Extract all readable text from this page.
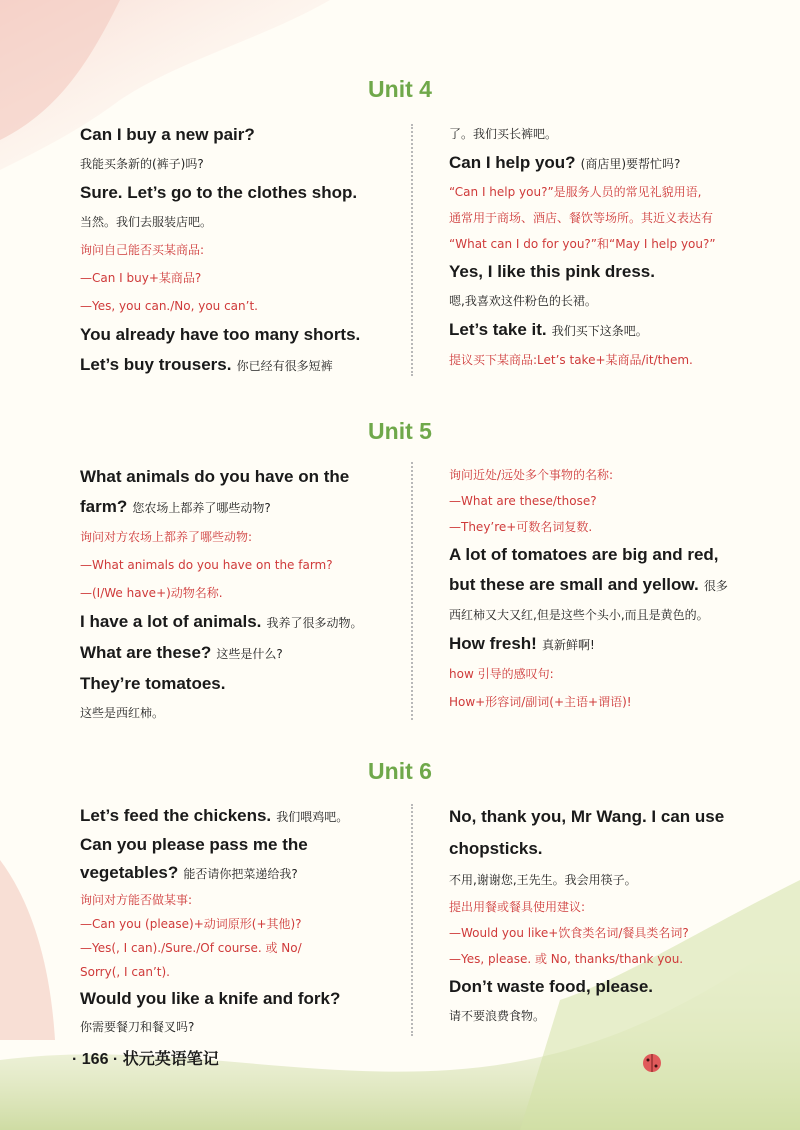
Unit 4
Can I buy a new pair?
我能买条新的(裤子)吗?
Sure. Let’s go to the clothes shop.
当然。我们去服装店吧。
询问自己能否买某商品:
—Can I buy+某商品?
—Yes, you can./No, you can’t.
You already have too many shorts.
Let’s buy trousers. 你已经有很多短裤
了。我们买长裤吧。
Can I help you? (商店里)要帮忙吗?
“Can I help you?”是服务人员的常见礼貌用语,
通常用于商场、酒店、餐饮等场所。其近义表达有
“What can I do for you?”和“May I help you?”
Yes, I like this pink dress.
嗯,我喜欢这件粉色的长裙。
Let’s take it. 我们买下这条吧。
提议买下某商品:Let’s take+某商品/it/them.
Unit 5
What animals do you have on the
farm? 您农场上都养了哪些动物?
询问对方农场上都养了哪些动物:
—What animals do you have on the farm?
—(I/We have+)动物名称.
I have a lot of animals. 我养了很多动物。
What are these? 这些是什么?
They’re tomatoes.
这些是西红柿。
询问近处/远处多个事物的名称:
—What are these/those?
—They’re+可数名词复数.
A lot of tomatoes are big and red,
but these are small and yellow. 很多
西红柿又大又红,但是这些个头小,而且是黄色的。
How fresh! 真新鲜啊!
how 引导的感叹句:
How+形容词/副词(+主语+谓语)!
Unit 6
Let’s feed the chickens. 我们喂鸡吧。
Can you please pass me the
vegetables? 能否请你把菜递给我?
询问对方能否做某事:
—Can you (please)+动词原形(+其他)?
—Yes(, I can)./Sure./Of course. 或 No/
Sorry(, I can’t).
Would you like a knife and fork?
你需要餐刀和餐叉吗?
No, thank you, Mr Wang. I can use
chopsticks.
不用,谢谢您,王先生。我会用筷子。
提出用餐或餐具使用建议:
—Would you like+饮食类名词/餐具类名词?
—Yes, please. 或 No, thanks/thank you.
Don’t waste food, please.
请不要浪费食物。
· 166 · 状元英语笔记
